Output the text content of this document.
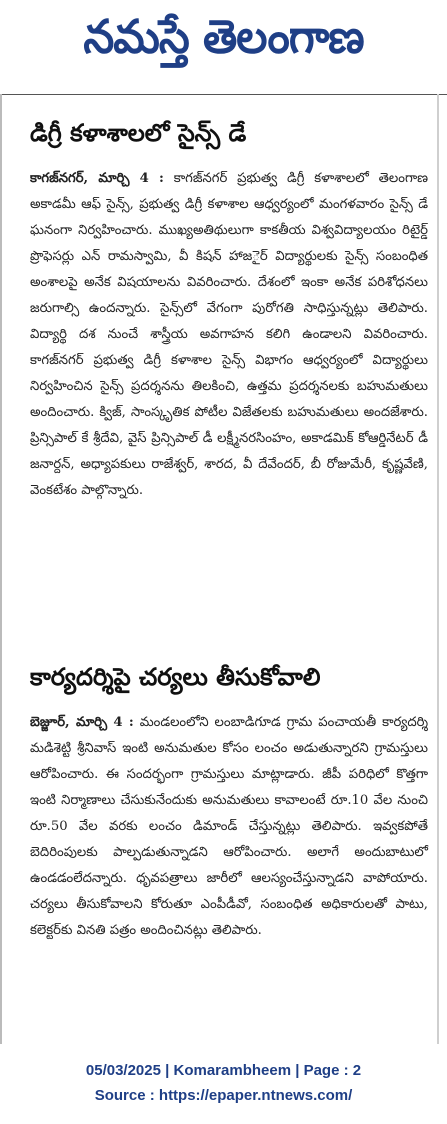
నమస్తే తెలంగాణ
డిగ్రీ కళాశాలలో సైన్స్ డే

కాగజ్‌నగర్, మార్చి 4 : కాగజ్‌నగర్ ప్రభుత్వ డిగ్రీ కళాశాలలో తెలంగాణ అకాడమీ ఆఫ్ సైన్స్, ప్రభుత్వ డిగ్రీ కళాశాల ఆధ్వర్యంలో మంగళవారం సైన్స్ డే ఘనంగా నిర్వహించారు. ముఖ్యఅతిథులుగా కాకతీయ విశ్వవిద్యాలయం రిటైర్డ్ ప్రొఫెసర్లు ఎన్ రామస్వామి, వీ కిషన్ హాజర్ై విద్యార్థులకు సైన్స్ సంబంధిత అంశాలపై అనేక విషయాలను వివరించారు. దేశంలో ఇంకా అనేక పరిశోధనలు జరుగాల్సి ఉందన్నారు. సైన్స్‌లో వేగంగా పురోగతి సాధిస్తున్నట్లు తెలిపారు. విద్యార్థి దశ నుంచే శాస్త్రీయ అవగాహన కలిగి ఉండాలని వివరించారు. కాగజ్‌నగర్ ప్రభుత్వ డిగ్రీ కళాశాల సైన్స్ విభాగం ఆధ్వర్యంలో విద్యార్థులు నిర్వహించిన సైన్స్ ప్రదర్శనను తిలకించి, ఉత్తమ ప్రదర్శనలకు బహుమతులు అందించారు. క్విజ్, సాంస్కృతిక పోటీల విజేతలకు బహుమతులు అందజేశారు. ప్రిన్సిపాల్ కే శ్రీదేవి, వైస్ ప్రిన్సిపాల్ డీ లక్ష్మీనరసింహం, అకాడమిక్ కోఆర్డినేటర్ డీ జనార్దన్, అధ్యాపకులు రాజేశ్వర్, శారద, వీ దేవేందర్, బీ రోజుమేరీ, కృష్ణవేణి, వెంకటేశం పాల్గొన్నారు.

కార్యదర్శిపై చర్యలు తీసుకోవాలి

బెజ్జూర్, మార్చి 4 : మండలంలోని లంబాడిగూడ గ్రామ పంచాయతీ కార్యదర్శి మడిశెట్టి శ్రీనివాస్ ఇంటి అనుమతుల కోసం లంచం అడుతున్నారని గ్రామస్తులు ఆరోపించారు. ఈ సందర్భంగా గ్రామస్తులు మాట్లాడారు. జీపీ పరిధిలో కొత్తగా ఇంటి నిర్మాణాలు చేసుకునేందుకు అనుమతులు కావాలంటే రూ.10 వేల నుంచి రూ.50 వేల వరకు లంచం డిమాండ్ చేస్తున్నట్లు తెలిపారు. ఇవ్వకపోతే బెదిరింపులకు పాల్పడుతున్నాడని ఆరోపించారు. అలాగే అందుబాటులో ఉండడంలేదన్నారు. ధృవపత్రాలు జారీలో ఆలస్యంచేస్తున్నాడని వాపోయారు. చర్యలు తీసుకోవాలని కోరుతూ ఎంపీడీవో, సంబంధిత అధికారులతో పాటు, కలెక్టర్‌కు వినతి పత్రం అందించినట్లు తెలిపారు.

05/03/2025 | Komarambheem | Page : 2
Source : https://epaper.ntnews.com/
